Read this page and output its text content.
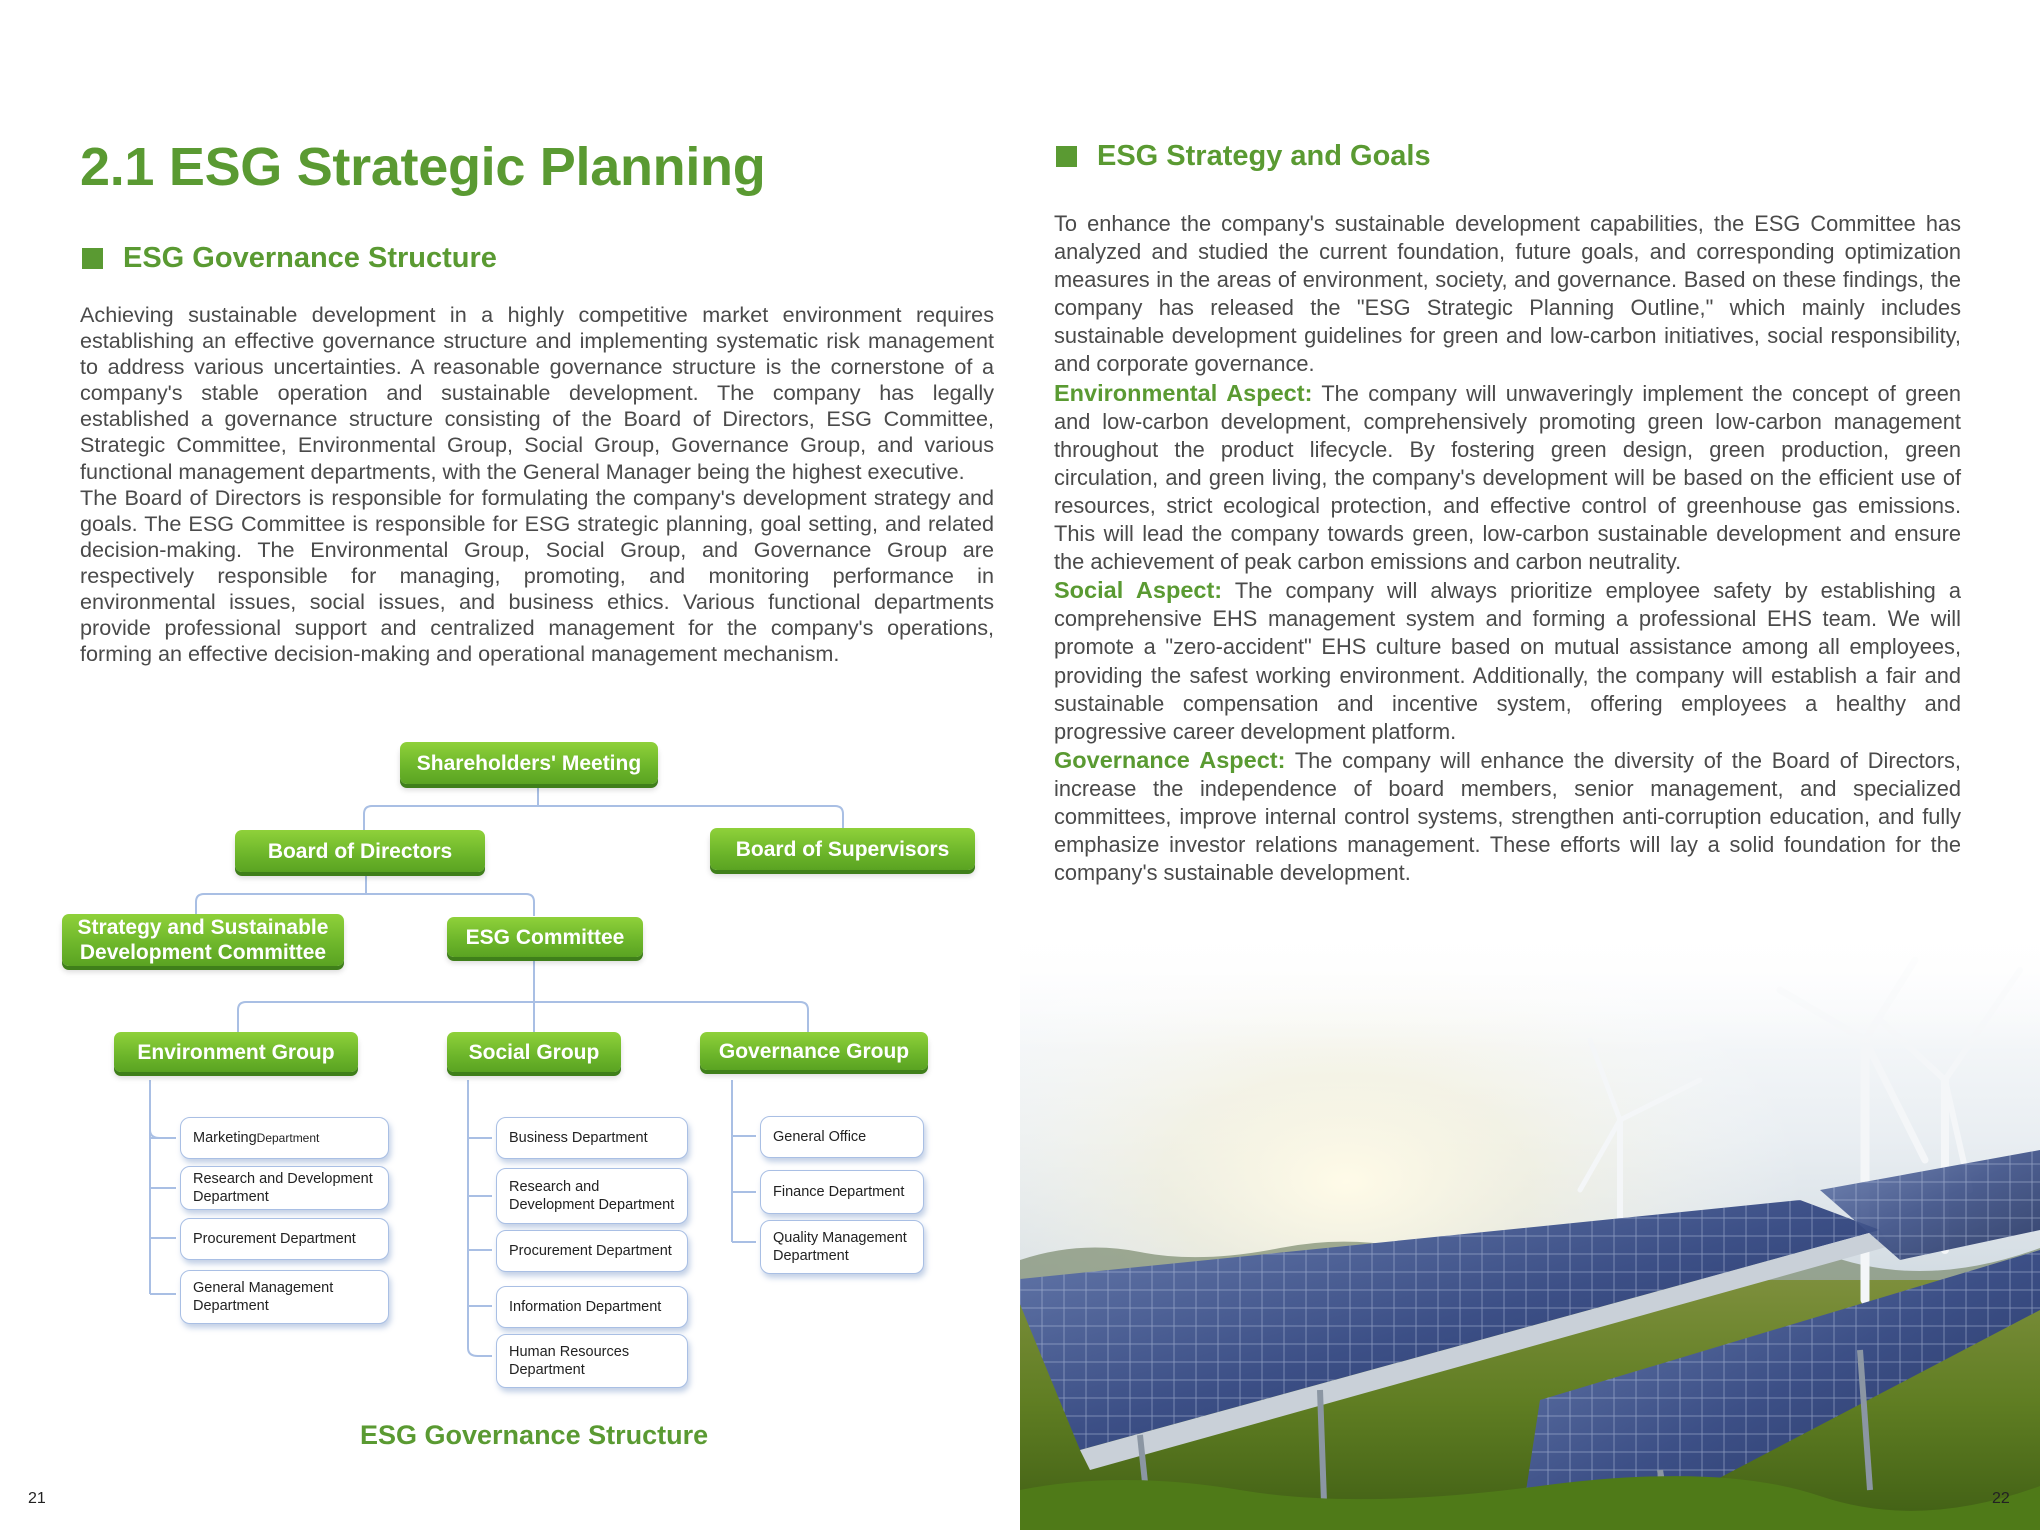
2.1 ESG Strategic Planning
ESG Governance Structure

Achieving sustainable development in a highly competitive market environment requires establishing an effective governance structure and implementing systematic risk management to address various uncertainties. A reasonable governance structure is the cornerstone of a company's stable operation and sustainable development. The company has legally established a governance structure consisting of the Board of Directors, ESG Committee, Strategic Committee, Environmental Group, Social Group, Governance Group, and various functional management departments, with the General Manager being the highest executive.

The Board of Directors is responsible for formulating the company's development strategy and goals. The ESG Committee is responsible for ESG strategic planning, goal setting, and related decision-making. The Environmental Group, Social Group, and Governance Group are respectively responsible for managing, promoting, and monitoring performance in environmental issues, social issues, and business ethics. Various functional departments provide professional support and centralized management for the company's operations, forming an effective decision-making and operational management mechanism.

Shareholders' Meeting
Board of Directors	Board of Supervisors
Strategy and Sustainable
Development Committee
ESG Committee
Environment Group	Social Group	Governance Group
Marketing Department
Research and Development
Department
Procurement Department
General Management
Department
Business Department
Research and
Development Department
Procurement Department
Information Department
Human Resources
Department
General Office
Finance Department
Quality Management
Department
ESG Governance Structure
21
ESG Strategy and Goals

To enhance the company's sustainable development capabilities, the ESG Committee has analyzed and studied the current foundation, future goals, and corresponding optimization measures in the areas of environment, society, and governance. Based on these findings, the company has released the "ESG Strategic Planning Outline," which mainly includes sustainable development guidelines for green and low-carbon initiatives, social responsibility, and corporate governance.

Environmental Aspect: The company will unwaveringly implement the concept of green and low-carbon development, comprehensively promoting green low-carbon management throughout the product lifecycle. By fostering green design, green production, green circulation, and green living, the company's development will be based on the efficient use of resources, strict ecological protection, and effective control of greenhouse gas emissions. This will lead the company towards green, low-carbon sustainable development and ensure the achievement of peak carbon emissions and carbon neutrality.

Social Aspect: The company will always prioritize employee safety by establishing a comprehensive EHS management system and forming a professional EHS team. We will promote a "zero-accident" EHS culture based on mutual assistance among all employees, providing the safest working environment. Additionally, the company will establish a fair and sustainable compensation and incentive system, offering employees a healthy and progressive career development platform.

Governance Aspect: The company will enhance the diversity of the Board of Directors, increase the independence of board members, senior management, and specialized committees, improve internal control systems, strengthen anti-corruption education, and fully emphasize investor relations management. These efforts will lay a solid foundation for the company's sustainable development.

22
